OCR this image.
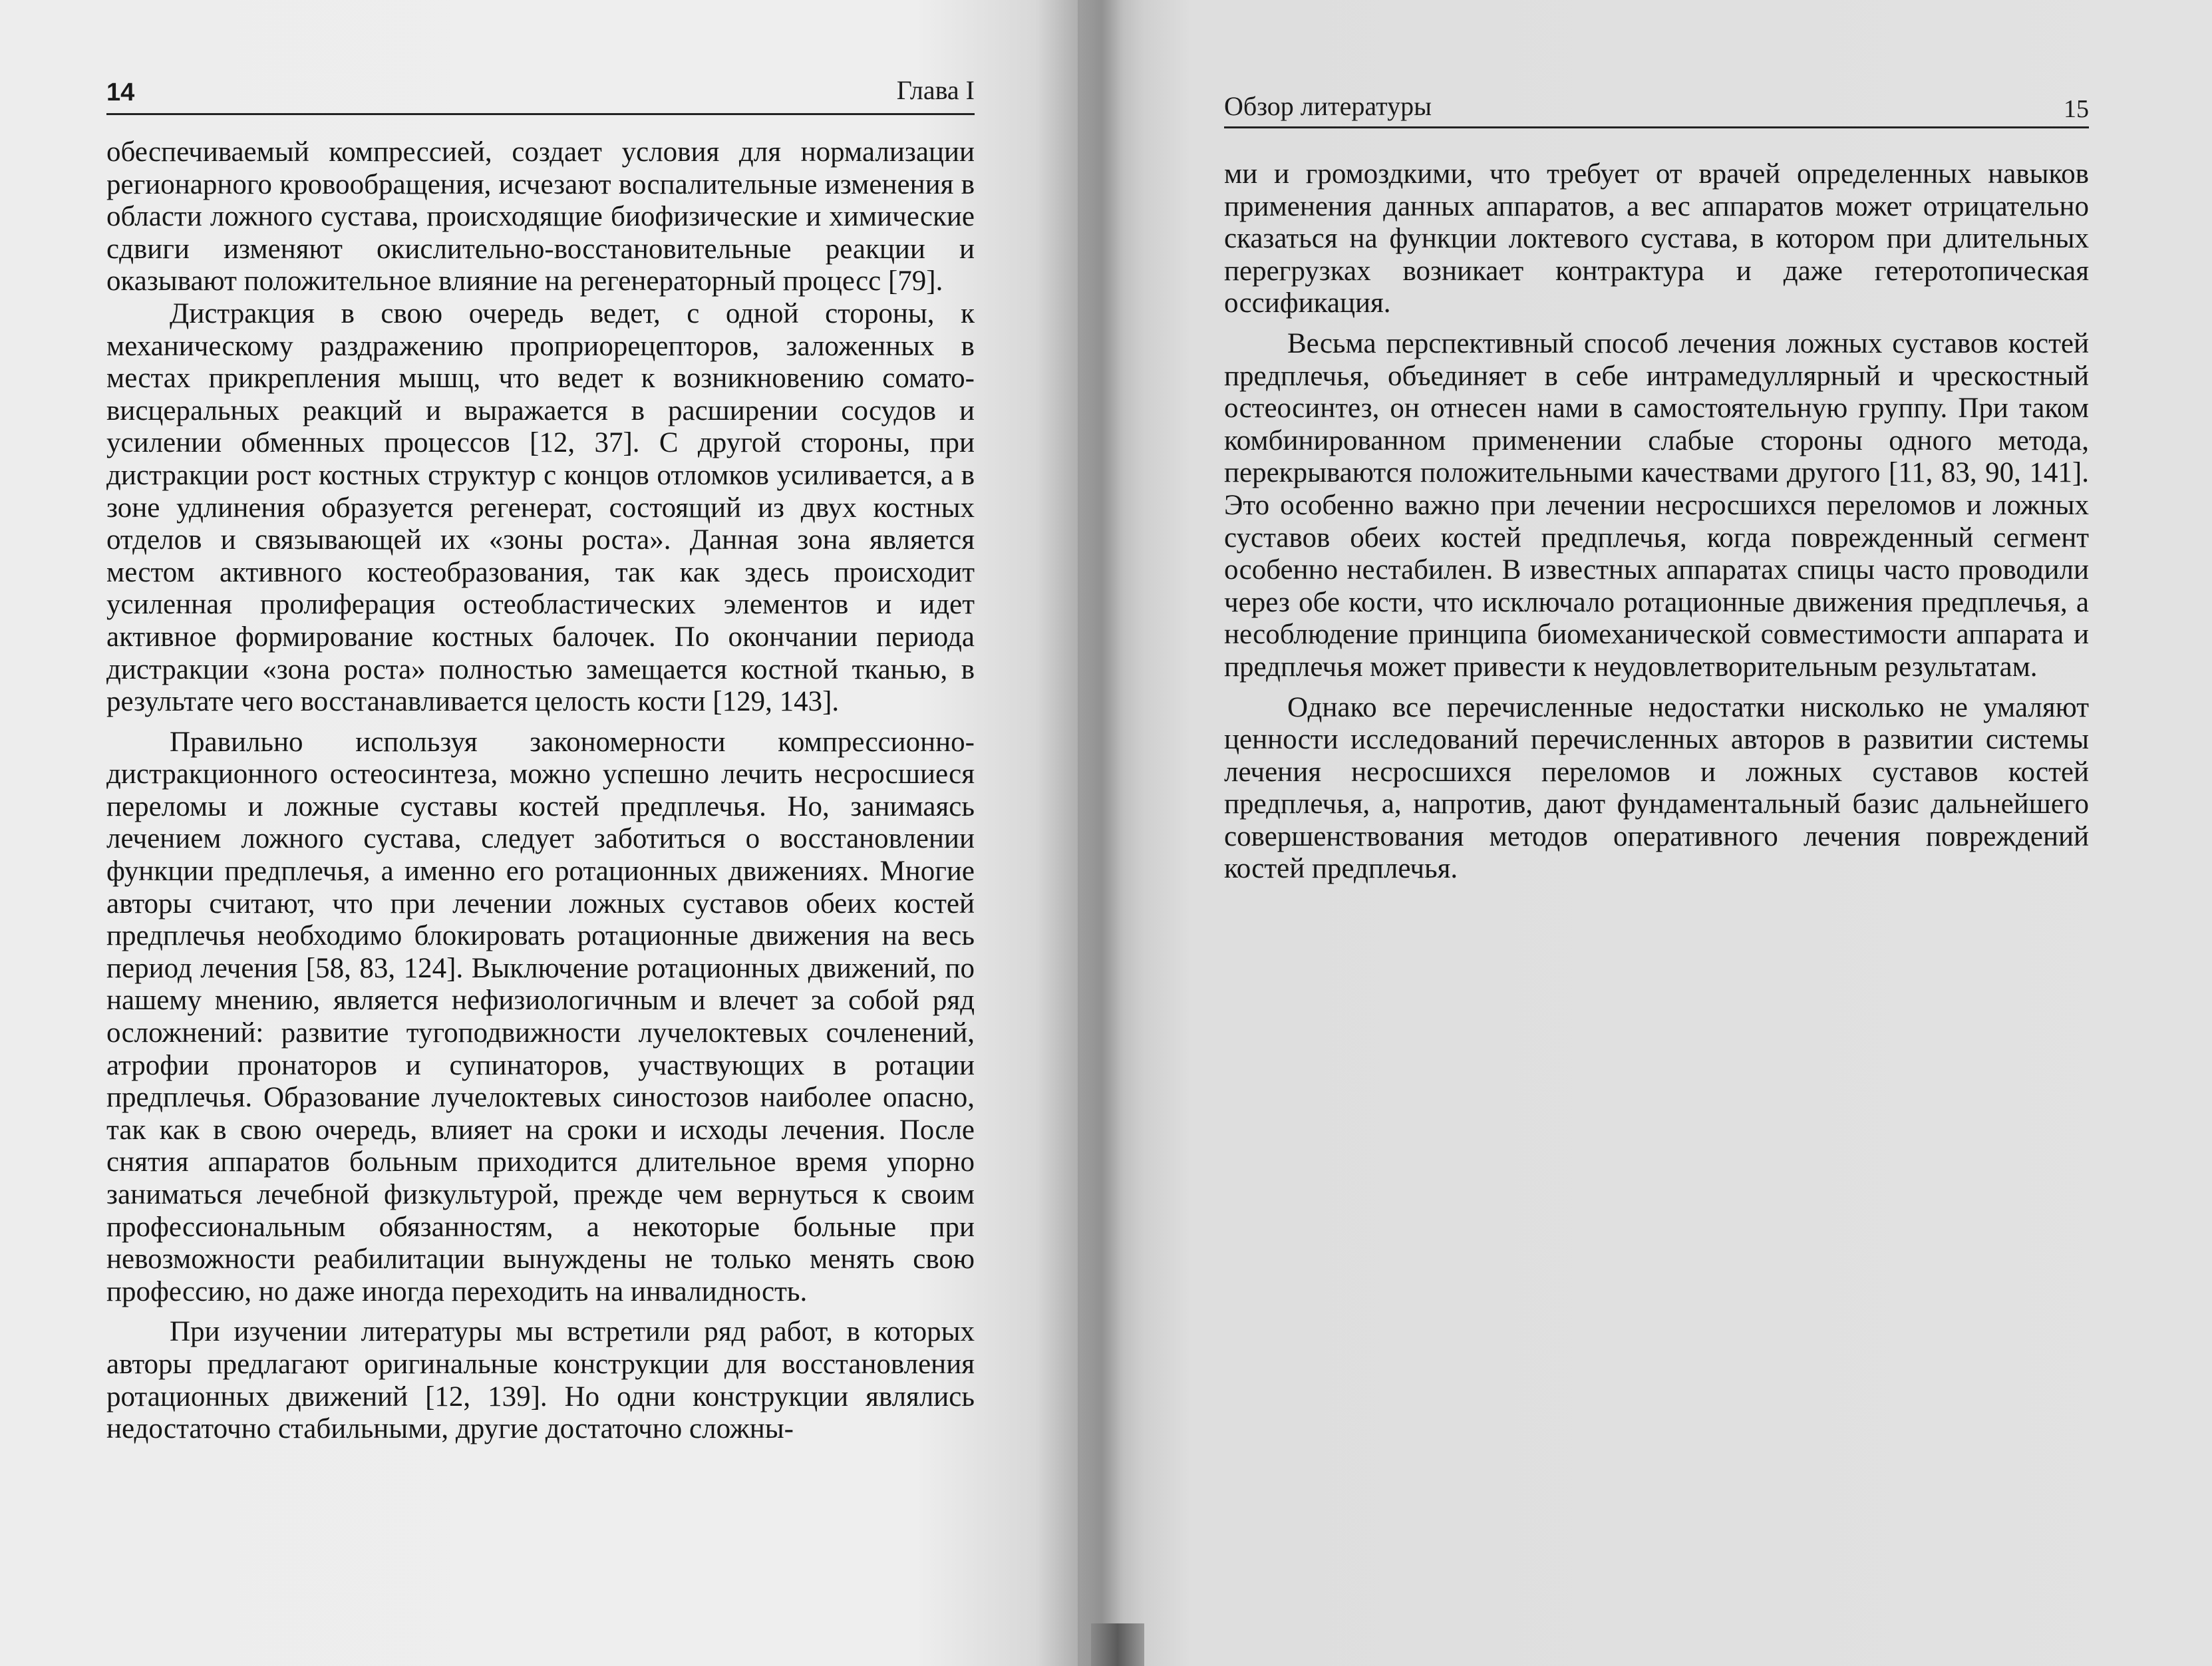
14	Глава I

обеспечиваемый компрессией, создает условия для нормализации регионарного кровообращения, исчезают воспалительные изменения в области ложного сустава, происходящие биофизические и химические сдвиги изменяют окислительно-восстановительные реакции и оказывают положительное влияние на регенераторный процесс [79].

Дистракция в свою очередь ведет, с одной стороны, к механическому раздражению проприорецепторов, заложенных в местах прикрепления мышц, что ведет к возникновению сомато-висцеральных реакций и выражается в расширении сосудов и усилении обменных процессов [12, 37]. С другой стороны, при дистракции рост костных структур с концов отломков усиливается, а в зоне удлинения образуется регенерат, состоящий из двух костных отделов и связывающей их «зоны роста». Данная зона является местом активного костеобразования, так как здесь происходит усиленная пролиферация остеобластических элементов и идет активное формирование костных балочек. По окончании периода дистракции «зона роста» полностью замещается костной тканью, в результате чего восстанавливается целость кости [129, 143].

Правильно используя закономерности компрессионно-дистракционного остеосинтеза, можно успешно лечить несросшиеся переломы и ложные суставы костей предплечья. Но, занимаясь лечением ложного сустава, следует заботиться о восстановлении функции предплечья, а именно его ротационных движениях. Многие авторы считают, что при лечении ложных суставов обеих костей предплечья необходимо блокировать ротационные движения на весь период лечения [58, 83, 124]. Выключение ротационных движений, по нашему мнению, является нефизиологичным и влечет за собой ряд осложнений: развитие тугоподвижности лучелоктевых сочленений, атрофии пронаторов и супинаторов, участвующих в ротации предплечья. Образование лучелоктевых синостозов наиболее опасно, так как в свою очередь, влияет на сроки и исходы лечения. После снятия аппаратов больным приходится длительное время упорно заниматься лечебной физкультурой, прежде чем вернуться к своим профессиональным обязанностям, а некоторые больные при невозможности реабилитации вынуждены не только менять свою профессию, но даже иногда переходить на инвалидность.

При изучении литературы мы встретили ряд работ, в которых авторы предлагают оригинальные конструкции для восстановления ротационных движений [12, 139]. Но одни конструкции являлись недостаточно стабильными, другие достаточно сложны-

Обзор литературы	15

ми и громоздкими, что требует от врачей определенных навыков применения данных аппаратов, а вес аппаратов может отрицательно сказаться на функции локтевого сустава, в котором при длительных перегрузках возникает контрактура и даже гетеротопическая оссификация.

Весьма перспективный способ лечения ложных суставов костей предплечья, объединяет в себе интрамедуллярный и чрескостный остеосинтез, он отнесен нами в самостоятельную группу. При таком комбинированном применении слабые стороны одного метода, перекрываются положительными качествами другого [11, 83, 90, 141]. Это особенно важно при лечении несросшихся переломов и ложных суставов обеих костей предплечья, когда поврежденный сегмент особенно нестабилен. В известных аппаратах спицы часто проводили через обе кости, что исключало ротационные движения предплечья, а несоблюдение принципа биомеханической совместимости аппарата и предплечья может привести к неудовлетворительным результатам.

Однако все перечисленные недостатки нисколько не умаляют ценности исследований перечисленных авторов в развитии системы лечения несросшихся переломов и ложных суставов костей предплечья, а, напротив, дают фундаментальный базис дальнейшего совершенствования методов оперативного лечения повреждений костей предплечья.
